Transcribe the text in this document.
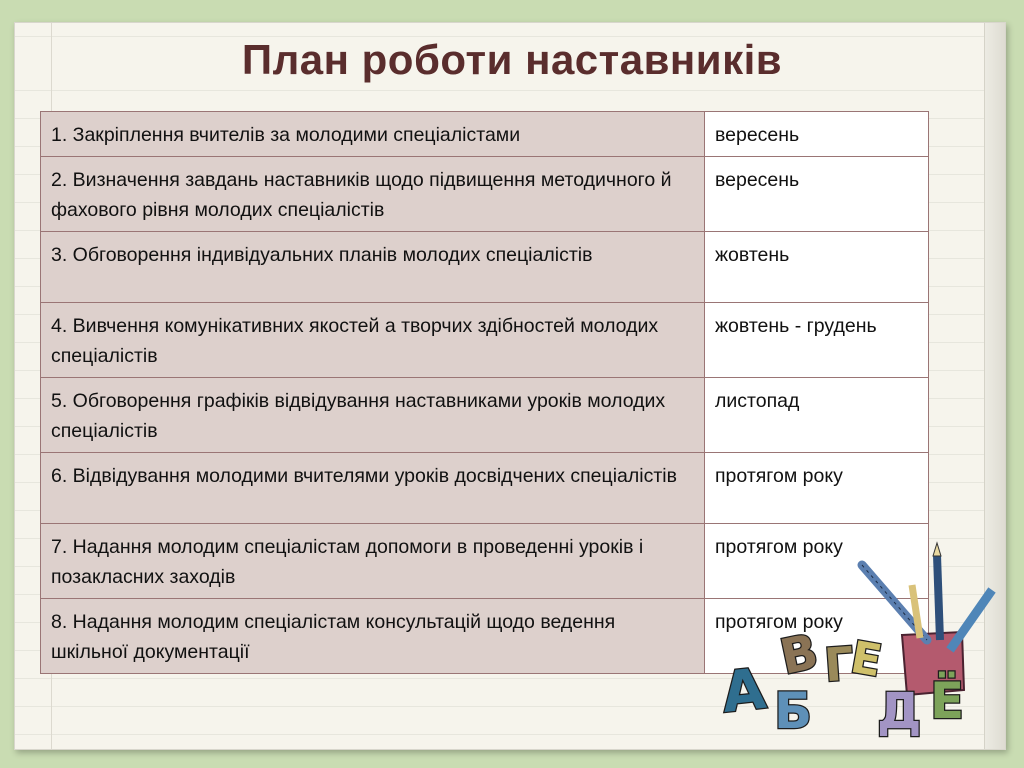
План роботи наставників
1. Закріплення вчителів за молодими спеціалістами	вересень
2. Визначення завдань наставників щодо підвищення методичного й фахового рівня молодих спеціалістів	вересень
3. Обговорення індивідуальних планів молодих спеціалістів	жовтень
4. Вивчення комунікативних якостей а творчих здібностей молодих спеціалістів	жовтень - грудень
5. Обговорення графіків відвідування наставниками уроків молодих спеціалістів	листопад
6. Відвідування молодими вчителями уроків досвідчених спеціалістів	протягом року
7. Надання молодим спеціалістам допомоги в проведенні уроків і позакласних заходів	протягом року
8. Надання молодим спеціалістам консультацій щодо ведення шкільної документації	протягом року
А Б
В Г
Е
Д Ё
